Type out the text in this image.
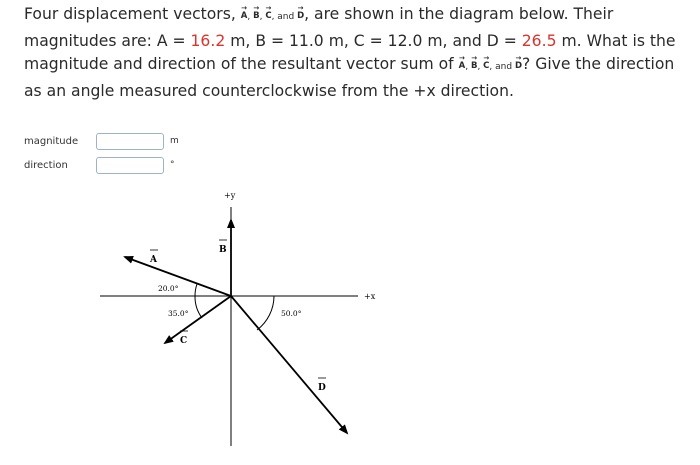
Four displacement vectors, → A, → B, → C, and → D, are shown in the diagram below. Their magnitudes are: A = 16.2 m, B = 11.0 m, C = 12.0 m, and D = 26.5 m. What is the magnitude and direction of the resultant vector sum of → A, → B, → C, and → D? Give the direction as an angle measured counterclockwise from the +x direction.
magnitude	m
direction	°
+x
+y
A
B
C
D
20.0°
35.0°	50.0°
